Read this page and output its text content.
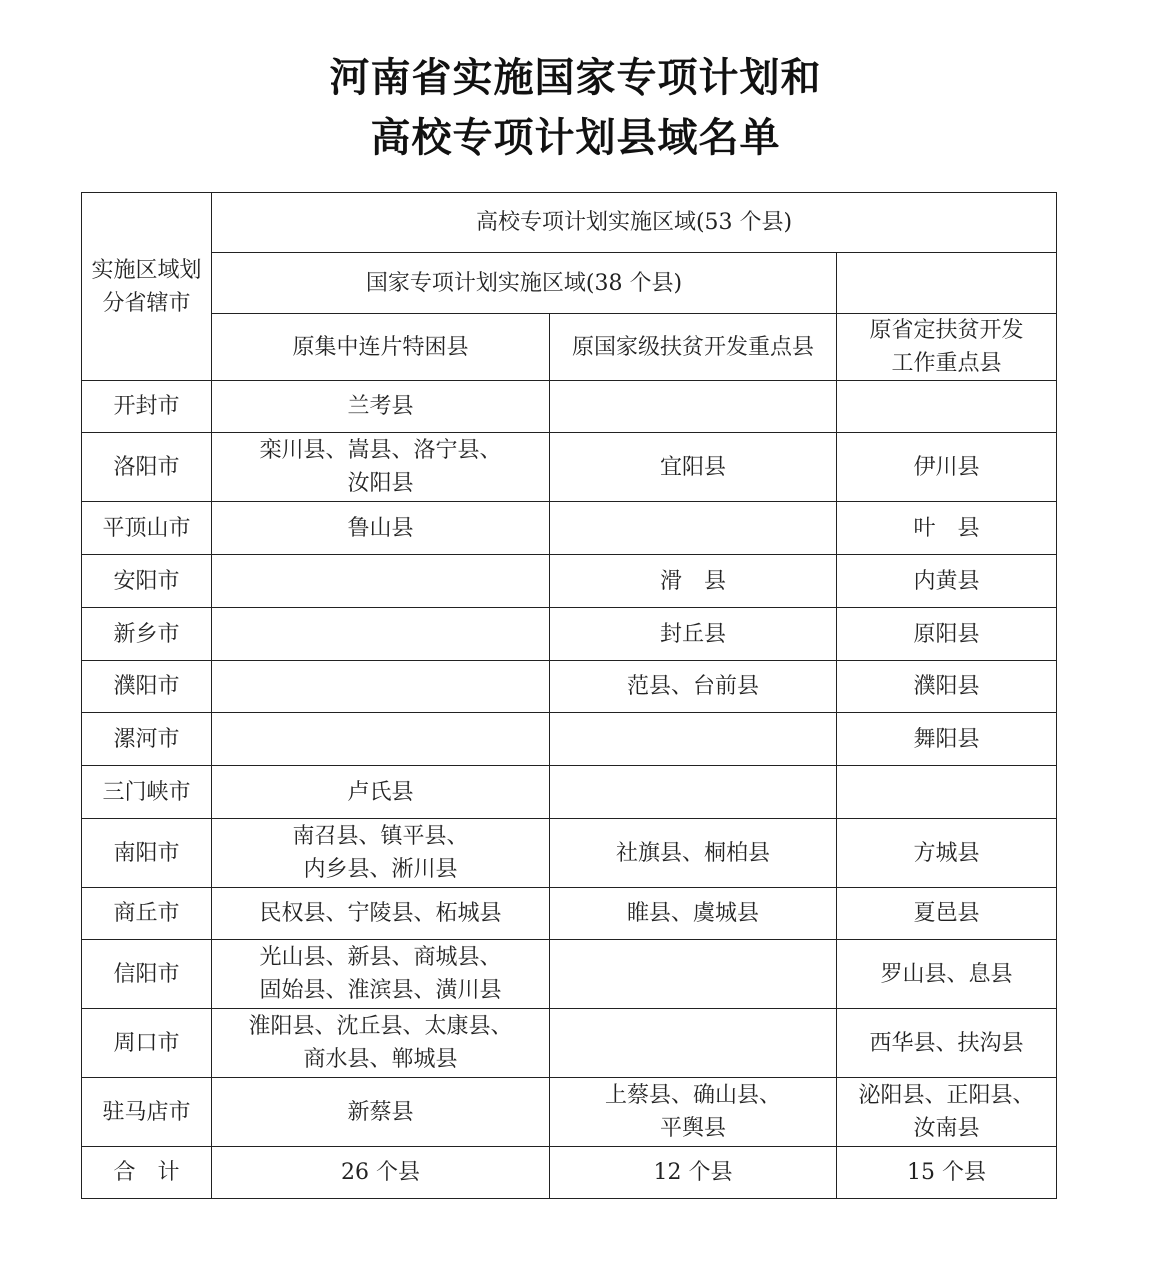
河南省实施国家专项计划和
高校专项计划县域名单
实施区域划
分省辖市	高校专项计划实施区域(53 个县)		
	国家专项计划实施区域(38 个县)		
	原集中连片特困县	原国家级扶贫开发重点县	原省定扶贫开发
工作重点县

开封市	兰考县		

洛阳市	栾川县、嵩县、洛宁县、
汝阳县	宜阳县	伊川县

平顶山市	鲁山县		叶　县

安阳市		滑　县	内黄县

新乡市		封丘县	原阳县

濮阳市		范县、台前县	濮阳县

漯河市			舞阳县

三门峡市	卢氏县		

南阳市	南召县、镇平县、
内乡县、淅川县	社旗县、桐柏县	方城县

商丘市	民权县、宁陵县、柘城县	睢县、虞城县	夏邑县

信阳市	光山县、新县、商城县、
固始县、淮滨县、潢川县		罗山县、息县

周口市	淮阳县、沈丘县、太康县、
商水县、郸城县		西华县、扶沟县

驻马店市	新蔡县	上蔡县、确山县、
平舆县	泌阳县、正阳县、
汝南县

合　计	26 个县	12 个县	15 个县
